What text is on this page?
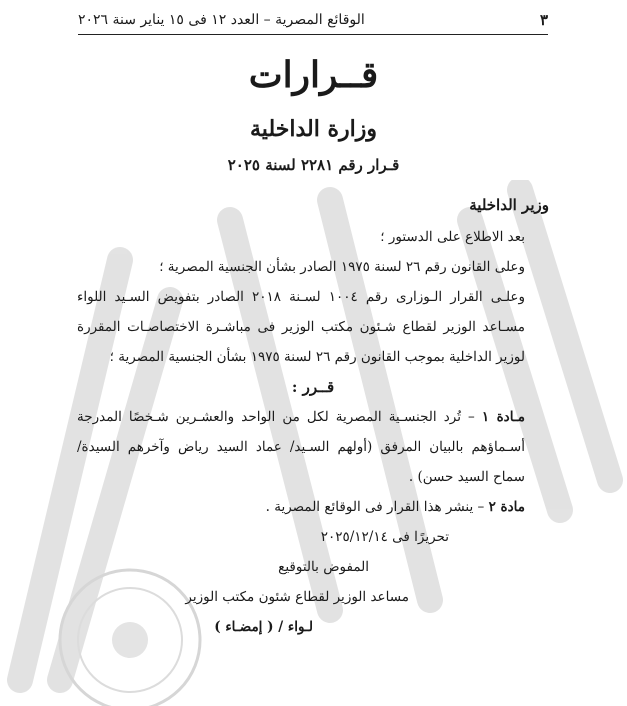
٣
الوقائع المصرية – العدد ١٢ فى ١٥ يناير سنة ٢٠٢٦
قــرارات
وزارة الداخلية
قـرار رقم ٢٢٨١ لسنة ٢٠٢٥

وزير الداخلية

بعد الاطلاع على الدستور ؛

وعلى القانون رقم ٢٦ لسنة ١٩٧٥ الصادر بشأن الجنسية المصرية ؛

وعلـى القرار الـوزارى رقم ١٠٠٤ لسـنة ٢٠١٨ الصادر بتفويض السـيد اللواء مسـاعد الوزير لقطاع شـئون مكتب الوزير فى مباشـرة الاختصاصـات المقررة لوزير الداخلية بموجب القانون رقم ٢٦ لسنة ١٩٧٥ بشأن الجنسية المصرية ؛

قــرر :

مـادة ١ – تُرد الجنسـية المصرية لكل من الواحد والعشـرين شـخصًا المدرجة أسـماؤهم بالبيان المرفق (أولهم السـيد/ عماد السيد رياض وآخرهم السيدة/ سماح السيد حسن) .

مادة ٢ – ينشر هذا القرار فى الوقائع المصرية .

تحريرًا فى ٢٠٢٥/١٢/١٤

المفوض بالتوقيع

مساعد الوزير لقطاع شئون مكتب الوزير

لـواء / ( إمضـاء )
